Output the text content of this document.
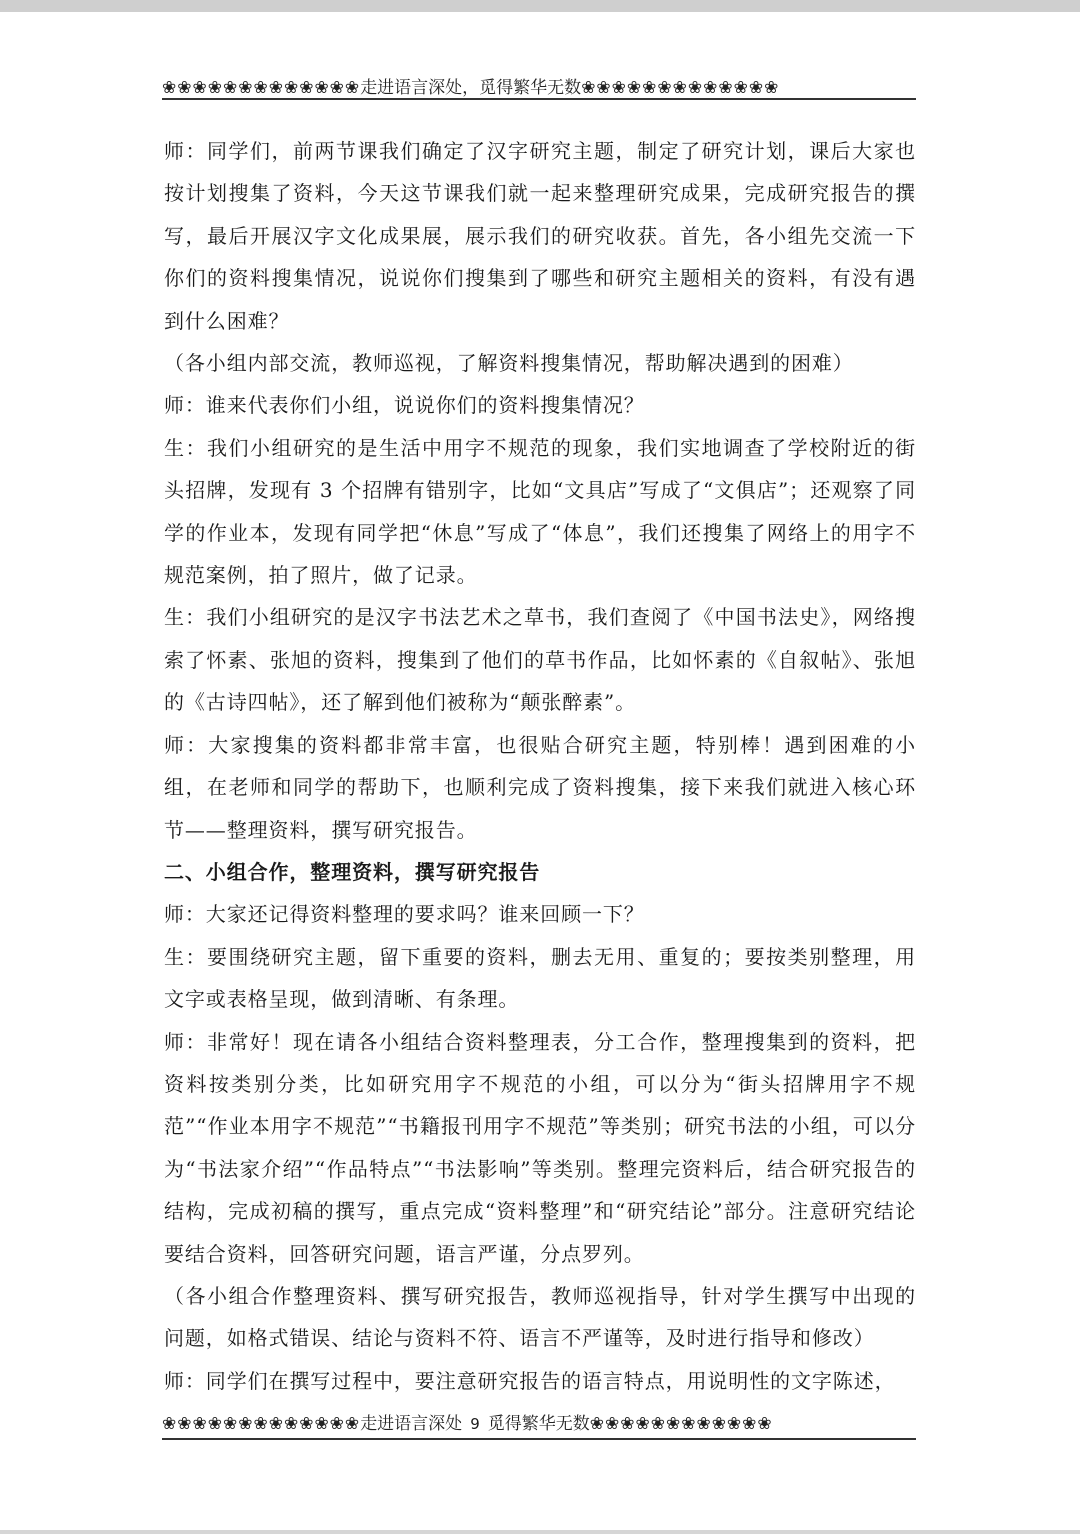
❀❀❀❀❀❀❀❀❀❀❀❀❀走进语言深处，觅得繁华无数❀❀❀❀❀❀❀❀❀❀❀❀❀

师：同学们，前两节课我们确定了汉字研究主题，制定了研究计划，课后大家也按计划搜集了资料，今天这节课我们就一起来整理研究成果，完成研究报告的撰写，最后开展汉字文化成果展，展示我们的研究收获。首先，各小组先交流一下你们的资料搜集情况，说说你们搜集到了哪些和研究主题相关的资料，有没有遇到什么困难？

（各小组内部交流，教师巡视，了解资料搜集情况，帮助解决遇到的困难）

师：谁来代表你们小组，说说你们的资料搜集情况？

生：我们小组研究的是生活中用字不规范的现象，我们实地调查了学校附近的街头招牌，发现有 3 个招牌有错别字，比如“文具店”写成了“文俱店”；还观察了同学的作业本，发现有同学把“休息”写成了“体息”，我们还搜集了网络上的用字不规范案例，拍了照片，做了记录。

生：我们小组研究的是汉字书法艺术之草书，我们查阅了《中国书法史》，网络搜索了怀素、张旭的资料，搜集到了他们的草书作品，比如怀素的《自叙帖》、张旭的《古诗四帖》，还了解到他们被称为“颠张醉素”。

师：大家搜集的资料都非常丰富，也很贴合研究主题，特别棒！遇到困难的小组，在老师和同学的帮助下，也顺利完成了资料搜集，接下来我们就进入核心环节——整理资料，撰写研究报告。

二、小组合作，整理资料，撰写研究报告

师：大家还记得资料整理的要求吗？谁来回顾一下？

生：要围绕研究主题，留下重要的资料，删去无用、重复的；要按类别整理，用文字或表格呈现，做到清晰、有条理。

师：非常好！现在请各小组结合资料整理表，分工合作，整理搜集到的资料，把资料按类别分类，比如研究用字不规范的小组，可以分为“街头招牌用字不规范”“作业本用字不规范”“书籍报刊用字不规范”等类别；研究书法的小组，可以分为“书法家介绍”“作品特点”“书法影响”等类别。整理完资料后，结合研究报告的结构，完成初稿的撰写，重点完成“资料整理”和“研究结论”部分。注意研究结论要结合资料，回答研究问题，语言严谨，分点罗列。

（各小组合作整理资料、撰写研究报告，教师巡视指导，针对学生撰写中出现的问题，如格式错误、结论与资料不符、语言不严谨等，及时进行指导和修改）

师：同学们在撰写过程中，要注意研究报告的语言特点，用说明性的文字陈述，

❀❀❀❀❀❀❀❀❀❀❀❀❀走进语言深处 9 觅得繁华无数❀❀❀❀❀❀❀❀❀❀❀❀
